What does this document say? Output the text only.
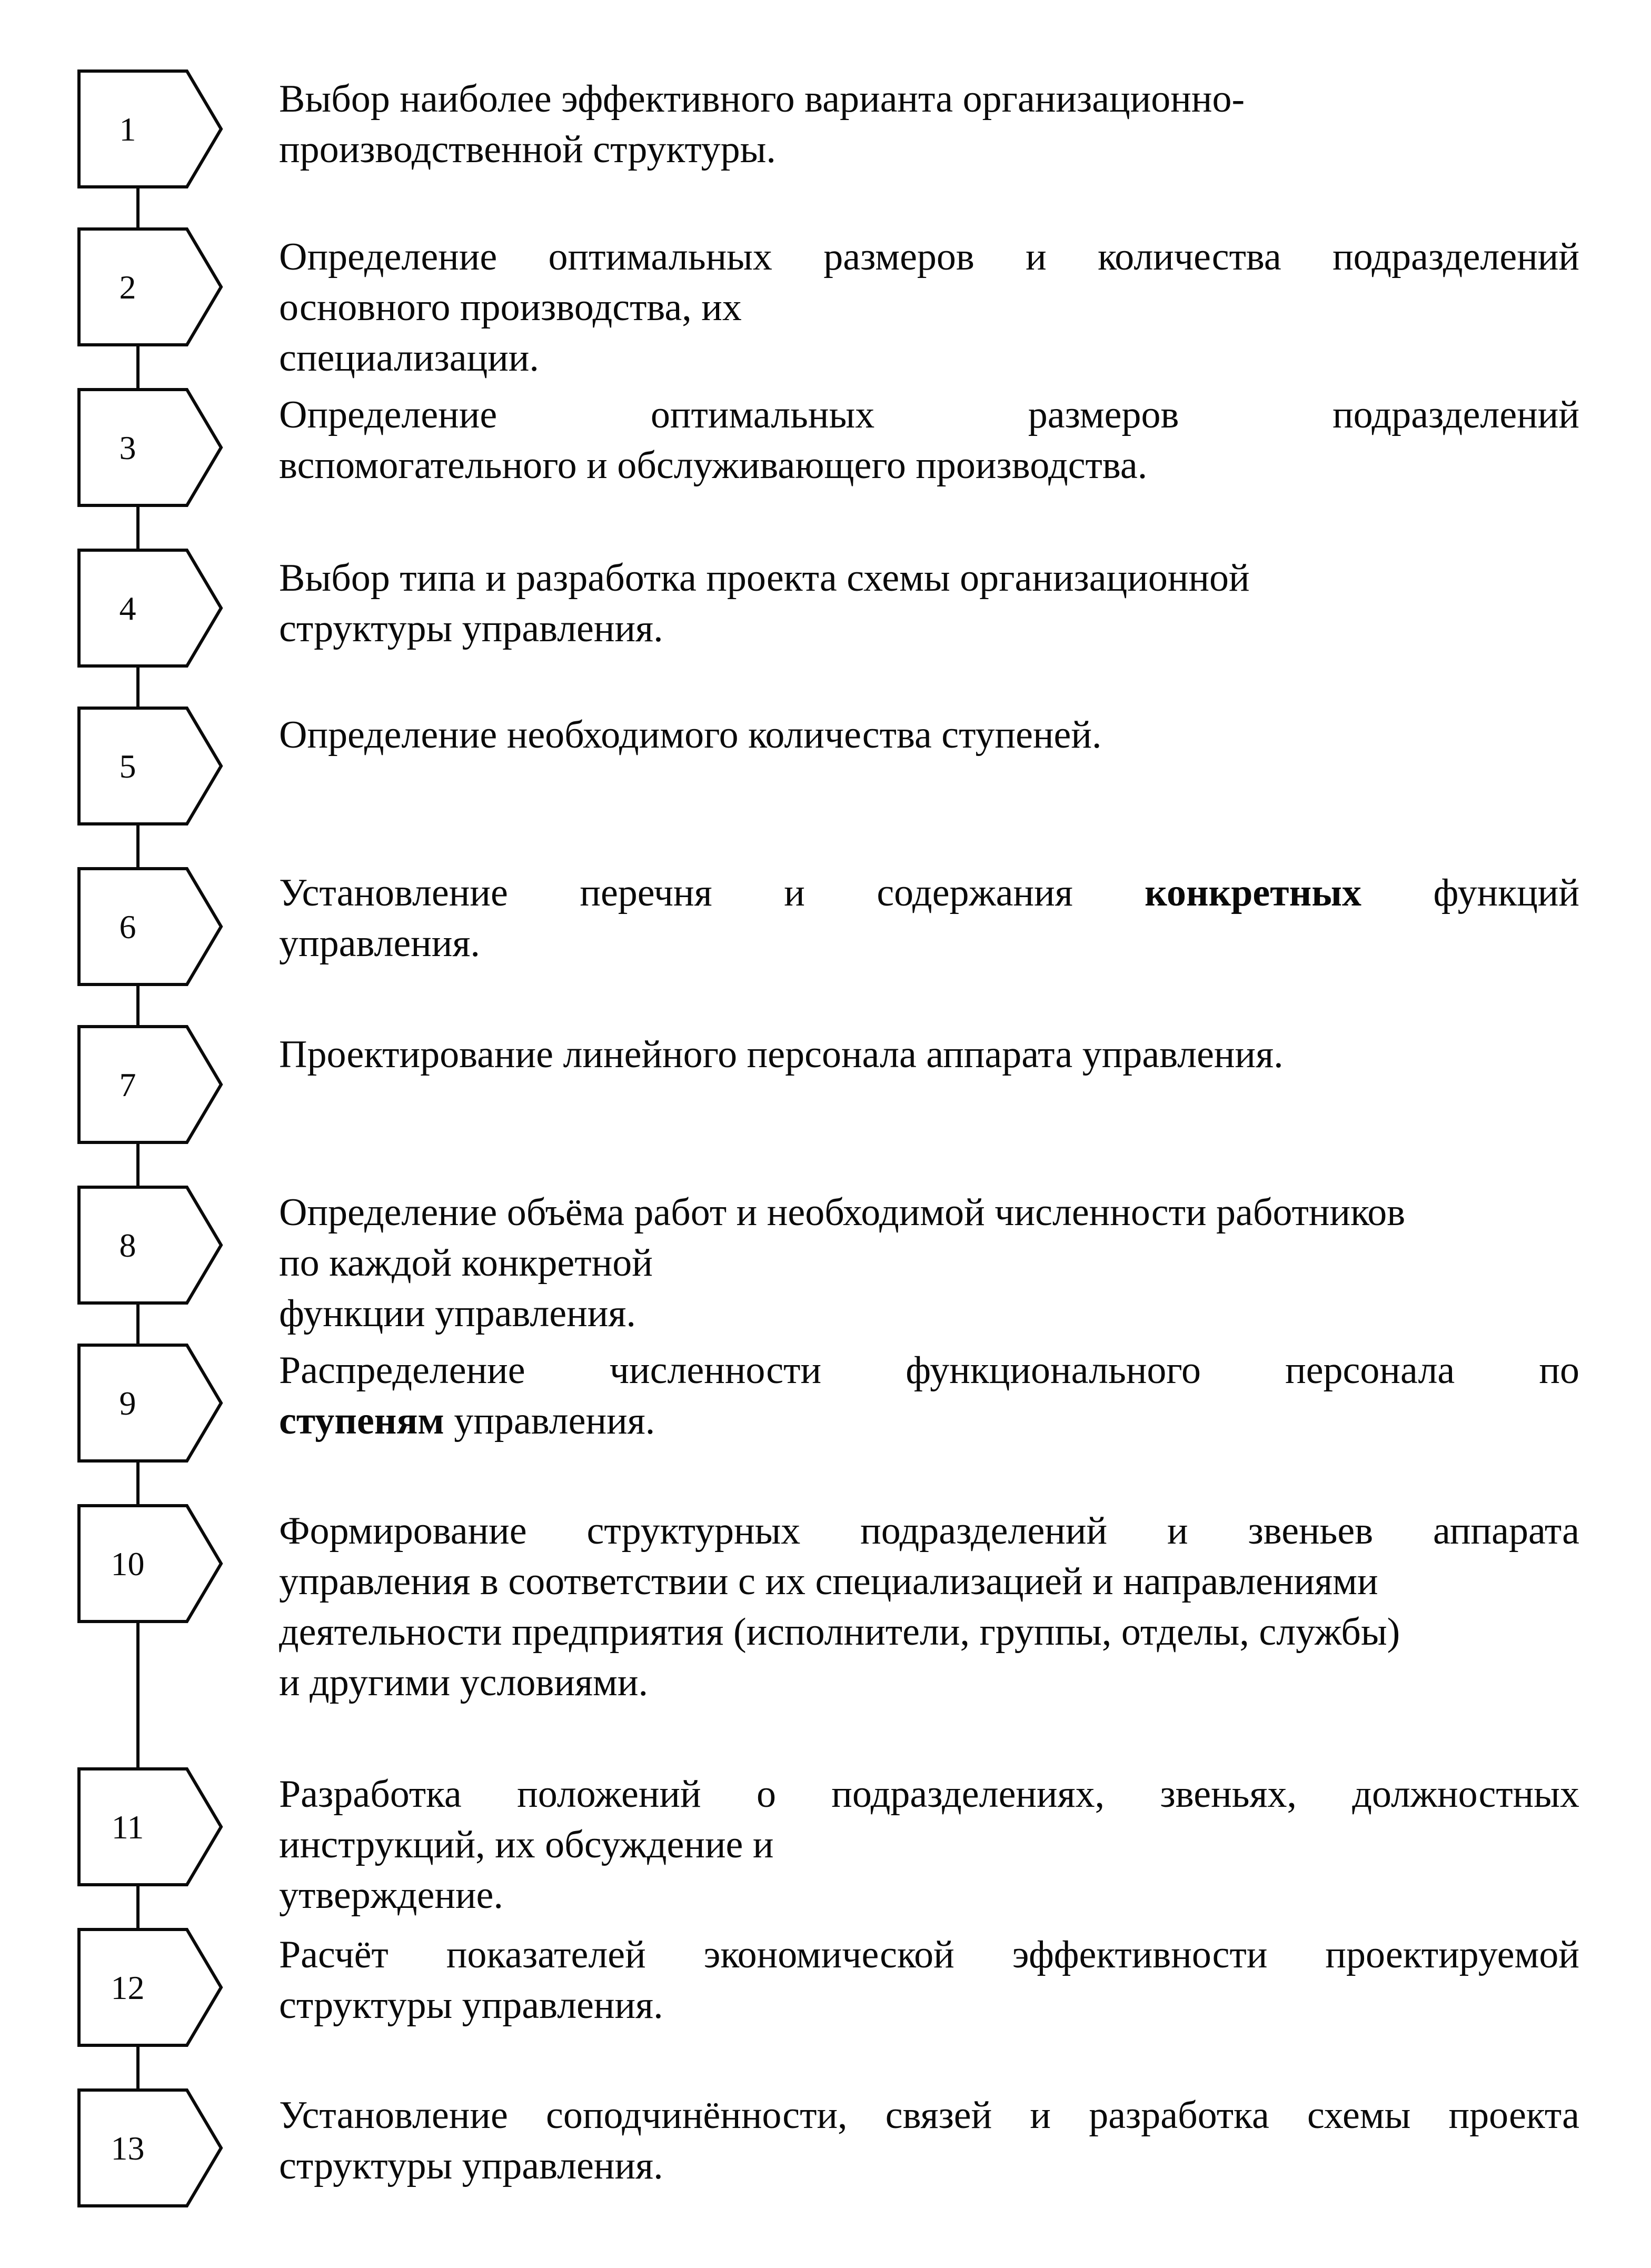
1
2
3
4
5
6
7
8
9
10
11
12
13
Выбор наиболее эффективного варианта организационно-
производственной структуры.
Определение оптимальных размеров и количества подразделений
основного производства, их
специализации.
Определение оптимальных размеров подразделений
вспомогательного и обслуживающего производства.
Выбор типа и разработка проекта схемы организационной
структуры управления.
Определение необходимого количества ступеней.
Установление перечня и содержания конкретных функций
управления.
Проектирование линейного персонала аппарата управления.
Определение объёма работ и необходимой численности работников
по каждой конкретной
функции управления.
Распределение численности функционального персонала по
ступеням управления.
Формирование структурных подразделений и звеньев аппарата
управления в соответствии с их специализацией и направлениями
деятельности предприятия (исполнители, группы, отделы, службы)
и другими условиями.
Разработка положений о подразделениях, звеньях, должностных
инструкций, их обсуждение и
утверждение.
Расчёт показателей экономической эффективности проектируемой
структуры управления.
Установление соподчинённости, связей и разработка схемы проекта
структуры управления.
